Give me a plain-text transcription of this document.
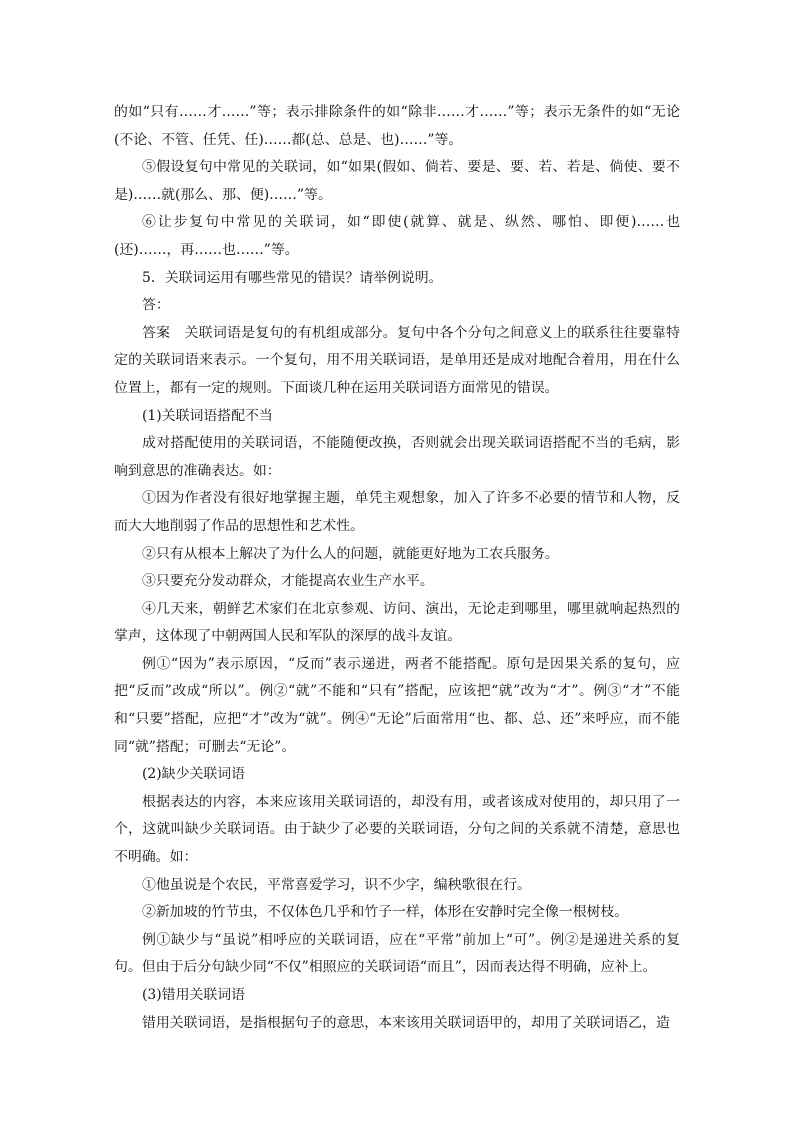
的如“只有……才……”等；表示排除条件的如“除非……才……”等；表示无条件的如“无论(不论、不管、任凭、任)……都(总、总是、也)……”等。

⑤假设复句中常见的关联词，如“如果(假如、倘若、要是、要、若、若是、倘使、要不是)……就(那么、那、便)……”等。

⑥让步复句中常见的关联词，如“即使(就算、就是、纵然、哪怕、即便)……也(还)……，再……也……”等。

5．关联词运用有哪些常见的错误？请举例说明。

答：

答案　关联词语是复句的有机组成部分。复句中各个分句之间意义上的联系往往要靠特定的关联词语来表示。一个复句，用不用关联词语，是单用还是成对地配合着用，用在什么位置上，都有一定的规则。下面谈几种在运用关联词语方面常见的错误。

(1)关联词语搭配不当

成对搭配使用的关联词语，不能随便改换，否则就会出现关联词语搭配不当的毛病，影响到意思的准确表达。如：

①因为作者没有很好地掌握主题，单凭主观想象，加入了许多不必要的情节和人物，反而大大地削弱了作品的思想性和艺术性。

②只有从根本上解决了为什么人的问题，就能更好地为工农兵服务。

③只要充分发动群众，才能提高农业生产水平。

④几天来，朝鲜艺术家们在北京参观、访问、演出，无论走到哪里，哪里就响起热烈的掌声，这体现了中朝两国人民和军队的深厚的战斗友谊。

例①“因为”表示原因，“反而”表示递进，两者不能搭配。原句是因果关系的复句，应把“反而”改成“所以”。例②“就”不能和“只有”搭配，应该把“就”改为“才”。例③“才”不能和“只要”搭配，应把“才”改为“就”。例④“无论”后面常用“也、都、总、还”来呼应，而不能同“就”搭配；可删去“无论”。

(2)缺少关联词语

根据表达的内容，本来应该用关联词语的，却没有用，或者该成对使用的，却只用了一个，这就叫缺少关联词语。由于缺少了必要的关联词语，分句之间的关系就不清楚，意思也不明确。如：

①他虽说是个农民，平常喜爱学习，识不少字，编秧歌很在行。

②新加坡的竹节虫，不仅体色几乎和竹子一样，体形在安静时完全像一根树枝。

例①缺少与“虽说”相呼应的关联词语，应在“平常”前加上“可”。例②是递进关系的复句。但由于后分句缺少同“不仅”相照应的关联词语“而且”，因而表达得不明确，应补上。

(3)错用关联词语

错用关联词语，是指根据句子的意思，本来该用关联词语甲的，却用了关联词语乙，造
